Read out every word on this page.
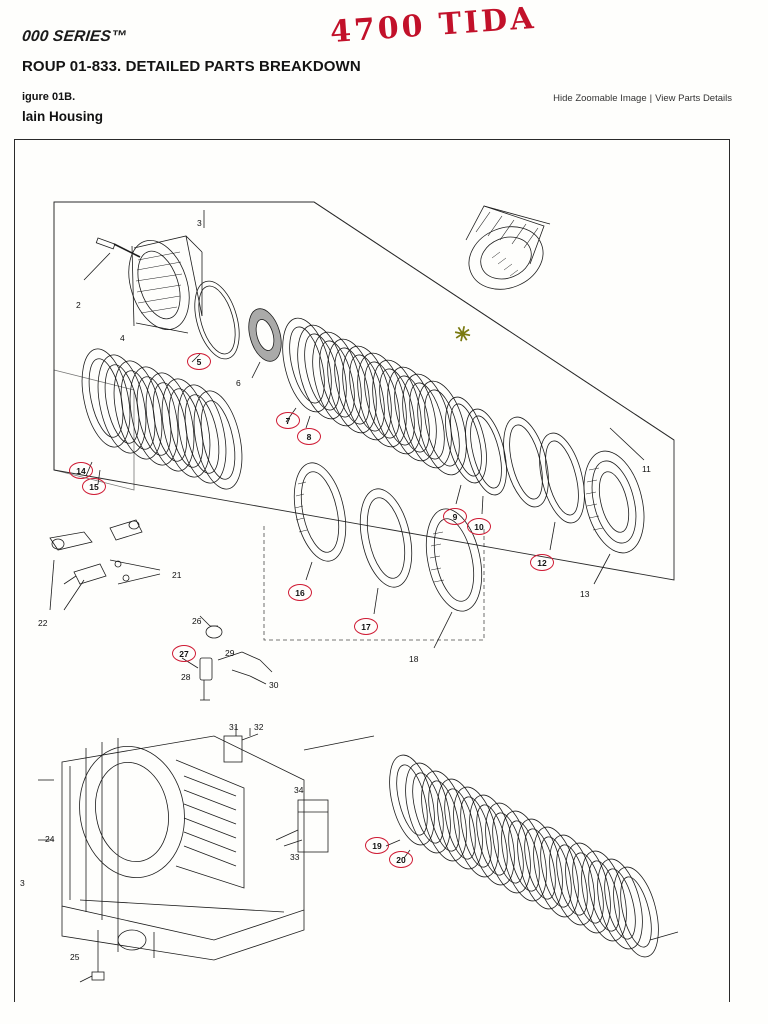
000 SERIES™
ROUP 01-833. DETAILED PARTS BREAKDOWN
igure 01B.
lain Housing
Hide Zoomable Image | View Parts Details
4700 TIDA
✳
5
7
8
14
15
9
10
12
16
17
27
19
20
2
3
4
6
11
13
18
21
22	26
28
29
30
31 32
34
33
24
3
25
